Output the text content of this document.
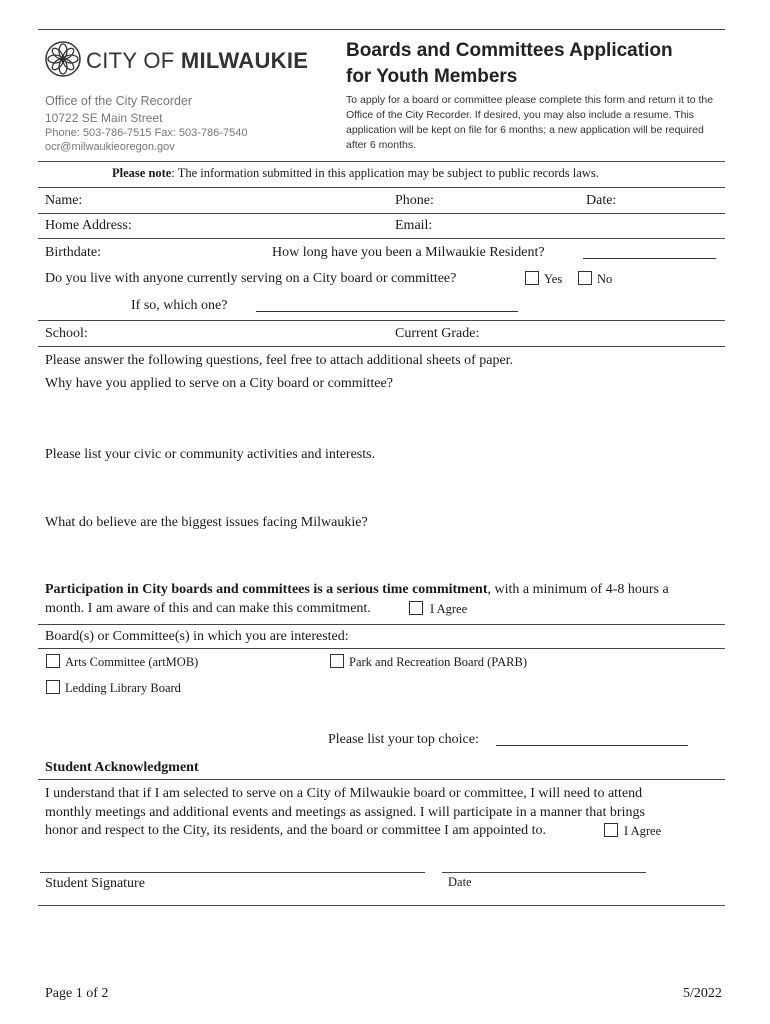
CITY OF MILWAUKIE Boards and Committees Application
for Youth Members
Office of the City Recorder
10722 SE Main Street
Phone: 503-786-7515 Fax: 503-786-7540
ocr@milwaukieoregon.gov
To apply for a board or committee please complete this form and return it to the Office of the City Recorder. If desired, you may also include a resume. This application will be kept on file for 6 months; a new application will be required after 6 months.
Please note: The information submitted in this application may be subject to public records laws.
Name:	Phone:	Date:
Home Address:	Email:
Birthdate:	How long have you been a Milwaukie Resident?
Do you live with anyone currently serving on a City board or committee?	Yes	No
If so, which one?
School:	Current Grade:
Please answer the following questions, feel free to attach additional sheets of paper.
Why have you applied to serve on a City board or committee?
Please list your civic or community activities and interests.
What do believe are the biggest issues facing Milwaukie?
Participation in City boards and committees is a serious time commitment, with a minimum of 4-8 hours a
month. I am aware of this and can make this commitment.	I Agree
Board(s) or Committee(s) in which you are interested:
Arts Committee (artMOB)	Park and Recreation Board (PARB)
Ledding Library Board
Please list your top choice:
Student Acknowledgment
I understand that if I am selected to serve on a City of Milwaukie board or committee, I will need to attend
monthly meetings and additional events and meetings as assigned. I will participate in a manner that brings
honor and respect to the City, its residents, and the board or committee I am appointed to.	I Agree
Student Signature	Date
Page 1 of 2	5/2022
